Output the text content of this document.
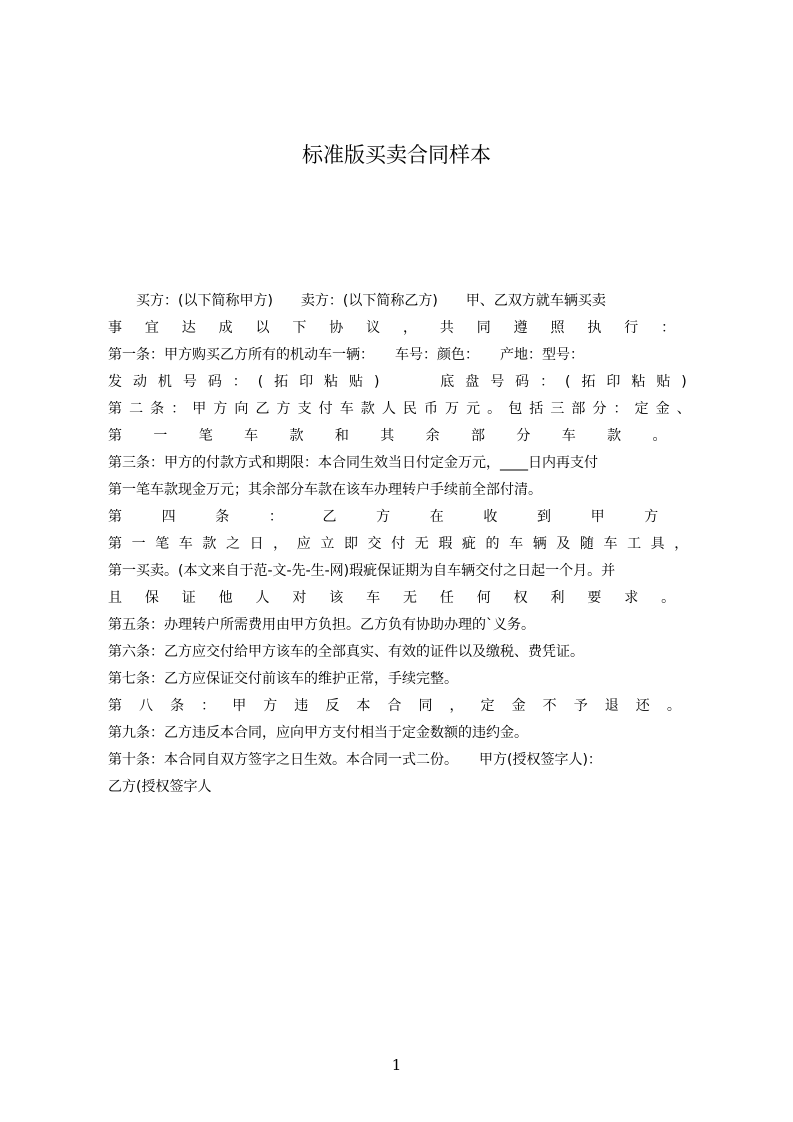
标准版买卖合同样本

买方：(以下简称甲方)　　卖方：(以下简称乙方)　　甲、乙双方就车辆买卖

事 宜 达 成 以 下 协 议 ， 共 同 遵 照 执 行 ：

第一条：甲方购买乙方所有的机动车一辆：　　车号：颜色：　　产地：型号：

发 动 机 号 码 ： ( 拓 印 粘 贴 )

　	底 盘 号 码 ： ( 拓 印 粘 贴 )

第 二 条 ： 甲 方 向 乙 方 支 付 车 款 人 民 币 万 元 。 包 括 三 部 分 ： 定 金 、

第 一 笔 车 款 和 其 余 部 分 车 款 。

第三条：甲方的付款方式和期限：本合同生效当日付定金万元，____日内再支付

第一笔车款现金万元；其余部分车款在该车办理转户手续前全部付清。

第	四	条	：	乙	方	在	收	到	甲	方

第 一 笔 车 款 之 日 ， 应 立 即 交 付 无 瑕 疵 的 车 辆 及 随 车 工 具 ，

第一买卖。(本文来自于范-文-先-生-网)瑕疵保证期为自车辆交付之日起一个月。并

且 保 证 他 人 对 该 车 无 任 何 权 利 要 求 。

第五条：办理转户所需费用由甲方负担。乙方负有协助办理的`义务。

第六条：乙方应交付给甲方该车的全部真实、有效的证件以及缴税、费凭证。

第七条：乙方应保证交付前该车的维护正常，手续完整。

第 八 条 ： 甲 方 违 反 本 合 同 ， 定 金 不 予 退 还 。

第九条：乙方违反本合同，应向甲方支付相当于定金数额的违约金。

第十条：本合同自双方签字之日生效。本合同一式二份。　　甲方(授权签字人)：

乙方(授权签字人

1
